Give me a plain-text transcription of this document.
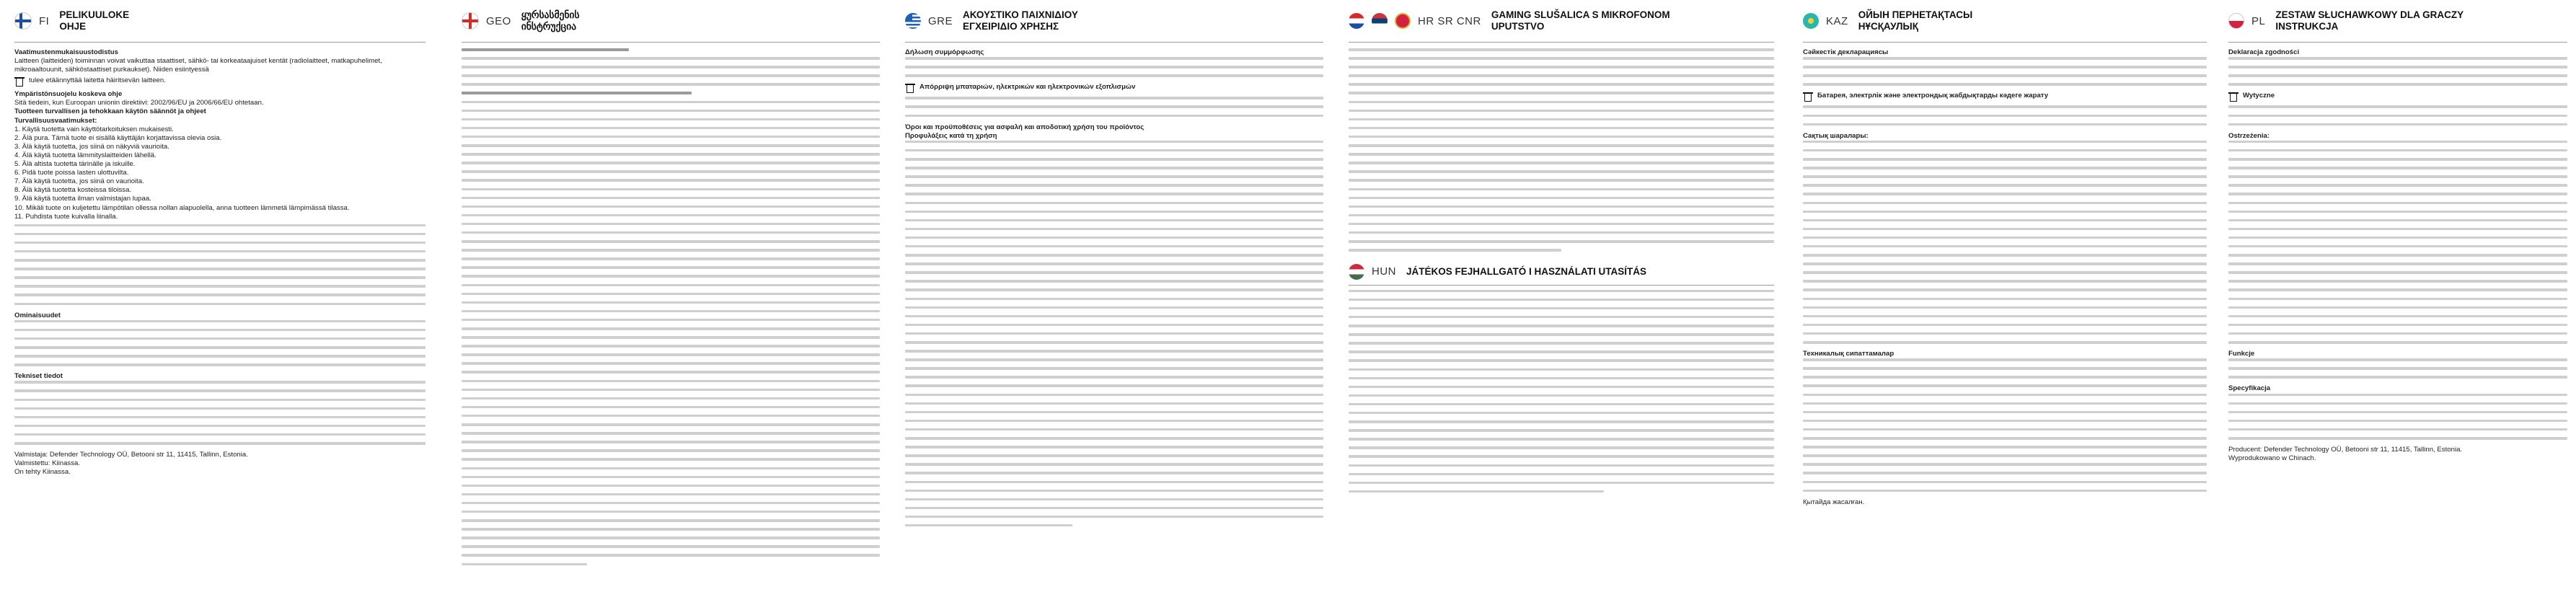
FI PELIKUULOKE
OHJE

Vaatimustenmukaisuustodistus

Laitteen (laitteiden) toiminnan voivat vaikuttaa staattiset, sähkö- tai korkeataajuiset kentät (radiolaitteet, matkapuhelimet, mikroaaltouunit, sähköstaattiset purkaukset). Niiden esiintyessä

tulee etäännyttää laitetta häiritsevän laitteen.

Ympäristönsuojelu koskeva ohje

Sitä tiedein, kun Euroopan unionin direktiivi: 2002/96/EU ja 2006/66/EU ohtetaan.

Tuotteen turvallisen ja tehokkaan käytön säännöt ja ohjeet

Turvallisuusvaatimukset:

1. Käytä tuotetta vain käyttötarkoituksen mukaisesti.

2. Älä pura. Tämä tuote ei sisällä käyttäjän korjattavissa olevia osia.

3. Älä käytä tuotetta, jos siinä on näkyviä vaurioita.

4. Älä käytä tuotetta lämmityslaitteiden lähellä.

5. Älä altista tuotetta tärinälle ja iskuille.

6. Pidä tuote poissa lasten ulottuvilta.

7. Älä käytä tuotetta, jos siinä on vaurioita.

8. Älä käytä tuotetta kosteissa tiloissa.

9. Älä käytä tuotetta ilman valmistajan lupaa.

10. Mikäli tuote on kuljetettu lämpötilan ollessa nollan alapuolella, anna tuotteen lämmetä lämpimässä tilassa.

11. Puhdista tuote kuivalla liinalla.

Ominaisuudet

Tekniset tiedot

Valmistaja: Defender Technology OÜ, Betooni str 11, 11415, Tallinn, Estonia.

Valmistettu: Kiinassa.

On tehty Kiinassa.

GEO ყურსასმენის
ინსტრუქცია	GRE ΑΚΟΥΣΤΙΚΟ ΠΑΙΧΝΙΔΙΟΥ
ΕΓΧΕΙΡΙΔΙΟ ΧΡΗΣΗΣ

Δήλωση συμμόρφωσης

Απόρριψη μπαταριών, ηλεκτρικών και ηλεκτρονικών εξοπλισμών

Όροι και προϋποθέσεις για ασφαλή και αποδοτική χρήση του προϊόντος

Προφυλάξεις κατά τη χρήση

HR SR CNR GAMING SLUŠALICA S MIKROFONOM
UPUTSTVO
HUN JÁTÉKOS FEJHALLGATÓ I HASZNÁLATI UTASÍTÁS
KAZ ОЙЫН ПЕРНЕТАҚТАСЫ
НҰСҚАУЛЫҚ

Сәйкестік декларациясы

Батарея, электрлік және электрондық жабдықтарды кәдеге жарату

Сақтық шаралары:

Техникалық сипаттамалар

Қытайда жасалған.

PL ZESTAW SŁUCHAWKOWY DLA GRACZY
INSTRUKCJA

Deklaracja zgodności

Wytyczne

Ostrzeżenia:

Funkcje

Specyfikacja

Producent: Defender Technology OÜ, Betooni str 11, 11415, Tallinn, Estonia.

Wyprodukowano w Chinach.
